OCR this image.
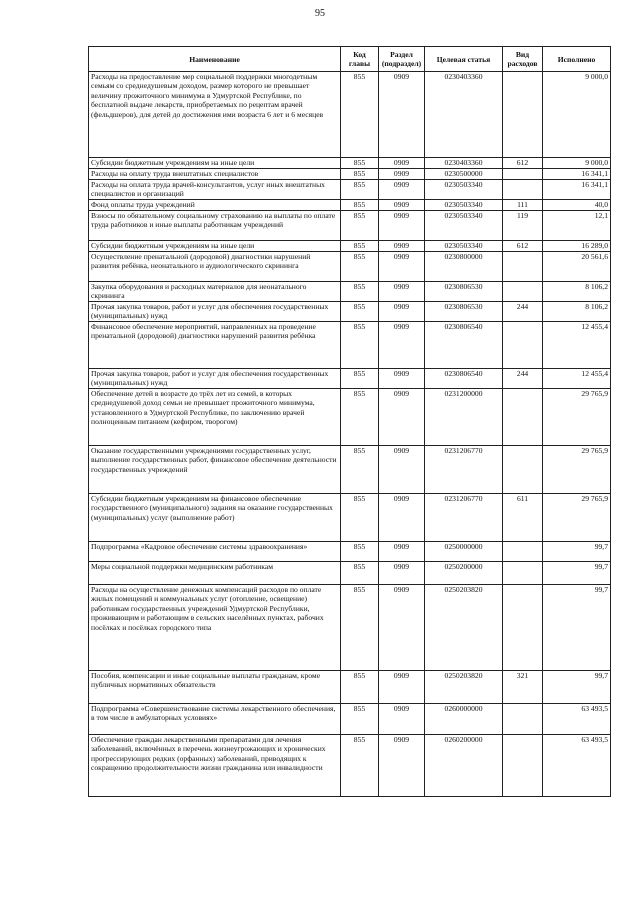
95
Наименование	Код главы	Раздел (подраздел)	Целевая статья	Вид расходов	Исполнено
Расходы на предоставление мер социальной поддержки многодетным семьям со среднедушевым доходом, размер которого не превышает величину прожиточного минимума в Удмуртской Республике, по бесплатной выдаче лекарств, приобретаемых по рецептам врачей (фельдшеров), для детей до достижения ими возраста 6 лет и 6 месяцев	855	0909	0230403360		9 000,0
Субсидии бюджетным учреждениям на иные цели	855	0909	0230403360	612	9 000,0
Расходы на оплату труда внештатных специалистов	855	0909	0230500000		16 341,1
Расходы на оплата труда врачей-консультантов, услуг иных внештатных специалистов и организаций	855	0909	0230503340		16 341,1
Фонд оплаты труда учреждений	855	0909	0230503340	111	40,0
Взносы по обязательному социальному страхованию на выплаты по оплате труда работников и иные выплаты работникам учреждений	855	0909	0230503340	119	12,1
Субсидии бюджетным учреждениям на иные цели	855	0909	0230503340	612	16 289,0
Осуществление пренатальной (дородовой) диагностики нарушений развития ребёнка, неонатального и аудиологического скрининга	855	0909	0230800000		20 561,6
Закупка оборудования и расходных материалов для неонатального скрининга	855	0909	0230806530		8 106,2
Прочая закупка товаров, работ и услуг для обеспечения государственных (муниципальных) нужд	855	0909	0230806530	244	8 106,2
Финансовое обеспечение мероприятий, направленных на проведение пренатальной (дородовой) диагностики нарушений развития ребёнка	855	0909	0230806540		12 455,4
Прочая закупка товаров, работ и услуг для обеспечения государственных (муниципальных) нужд	855	0909	0230806540	244	12 455,4
Обеспечение детей в возрасте до трёх лет из семей, в которых среднедушевой доход семьи не превышает прожиточного минимума, установленного в Удмуртской Республике, по заключению врачей полноценным питанием (кефиром, творогом)	855	0909	0231200000		29 765,9
Оказание государственными учреждениями государственных услуг, выполнение государственных работ, финансовое обеспечение деятельности государственных учреждений	855	0909	0231206770		29 765,9
Субсидии бюджетным учреждениям на финансовое обеспечение государственного (муниципального) задания на оказание государственных (муниципальных) услуг (выполнение работ)	855	0909	0231206770	611	29 765,9
Подпрограмма «Кадровое обеспечение системы здравоохранения»	855	0909	0250000000		99,7
Меры социальной поддержки медицинским работникам	855	0909	0250200000		99,7
Расходы на осуществление денежных компенсаций расходов по оплате жилых помещений и коммунальных услуг (отопление, освещение) работникам государственных учреждений Удмуртской Республики, проживающим и работающим в сельских населённых пунктах, рабочих посёлках и посёлках городского типа	855	0909	0250203820		99,7
Пособия, компенсации и иные социальные выплаты гражданам, кроме публичных нормативных обязательств	855	0909	0250203820	321	99,7
Подпрограмма «Совершенствование системы лекарственного обеспечения, в том числе в амбулаторных условиях»	855	0909	0260000000		63 493,5
Обеспечение граждан лекарственными препаратами для лечения заболеваний, включённых в перечень жизнеугрожающих и хронических прогрессирующих редких (орфанных) заболеваний, приводящих к сокращению продолжительности жизни гражданина или инвалидности	855	0909	0260200000		63 493,5
